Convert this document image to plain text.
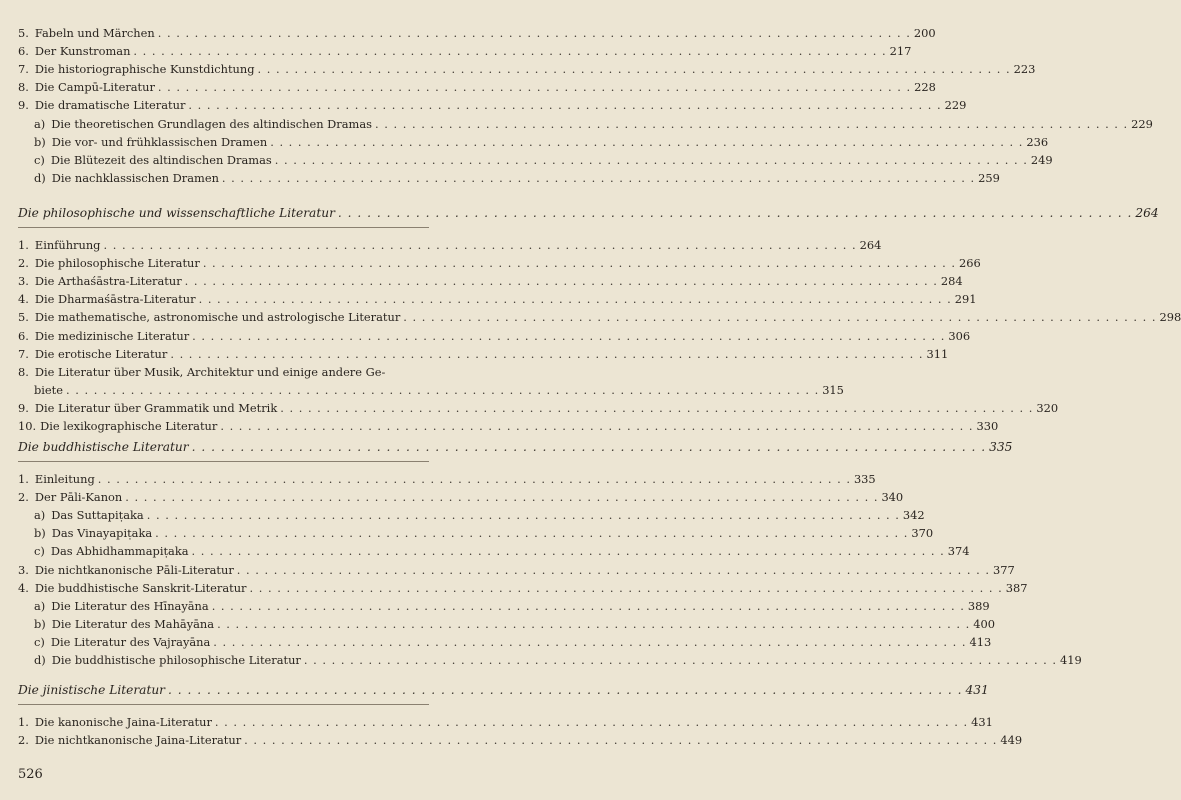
5. Fabeln und Märchen . . .	200
6. Der Kunstroman . . .	217
7. Die historiographische Kunstdichtung . . .	223
8. Die Campū-Literatur . . .	228
9. Die dramatische Literatur . . .	229
a) Die theoretischen Grundlagen des altindischen Dramas . . .	229
b) Die vor- und frühklassischen Dramen . . .	236
c) Die Blütezeit des altindischen Dramas . . .	249
d) Die nachklassischen Dramen . . .	259
Die philosophische und wissenschaftliche Literatur . . .	264
1. Einführung . . .	264
2. Die philosophische Literatur . . .	266
3. Die Arthaśāstra-Literatur . . .	284
4. Die Dharmaśāstra-Literatur . . .	291
5. Die mathematische, astronomische und astrologische Literatur . . .	298
6. Die medizinische Literatur . . .	306
7. Die erotische Literatur . . .	311
8. Die Literatur über Musik, Architektur und einige andere Ge-
biete . . .	315
9. Die Literatur über Grammatik und Metrik . . .	320
10. Die lexikographische Literatur . . .	330
Die buddhistische Literatur . . .	335
1. Einleitung . . .	335
2. Der Pāli-Kanon . . .	340
a) Das Suttapiṭaka . . .	342
b) Das Vinayapiṭaka . . .	370
c) Das Abhidhammapiṭaka . . .	374
3. Die nichtkanonische Pāli-Literatur . . .	377
4. Die buddhistische Sanskrit-Literatur . . .	387
a) Die Literatur des Hīnayāna . . .	389
b) Die Literatur des Mahāyāna . . .	400
c) Die Literatur des Vajrayāna . . .	413
d) Die buddhistische philosophische Literatur . . .	419
Die jinistische Literatur . . .	431
1. Die kanonische Jaina-Literatur . . .	431
2. Die nichtkanonische Jaina-Literatur . . .	449
526
